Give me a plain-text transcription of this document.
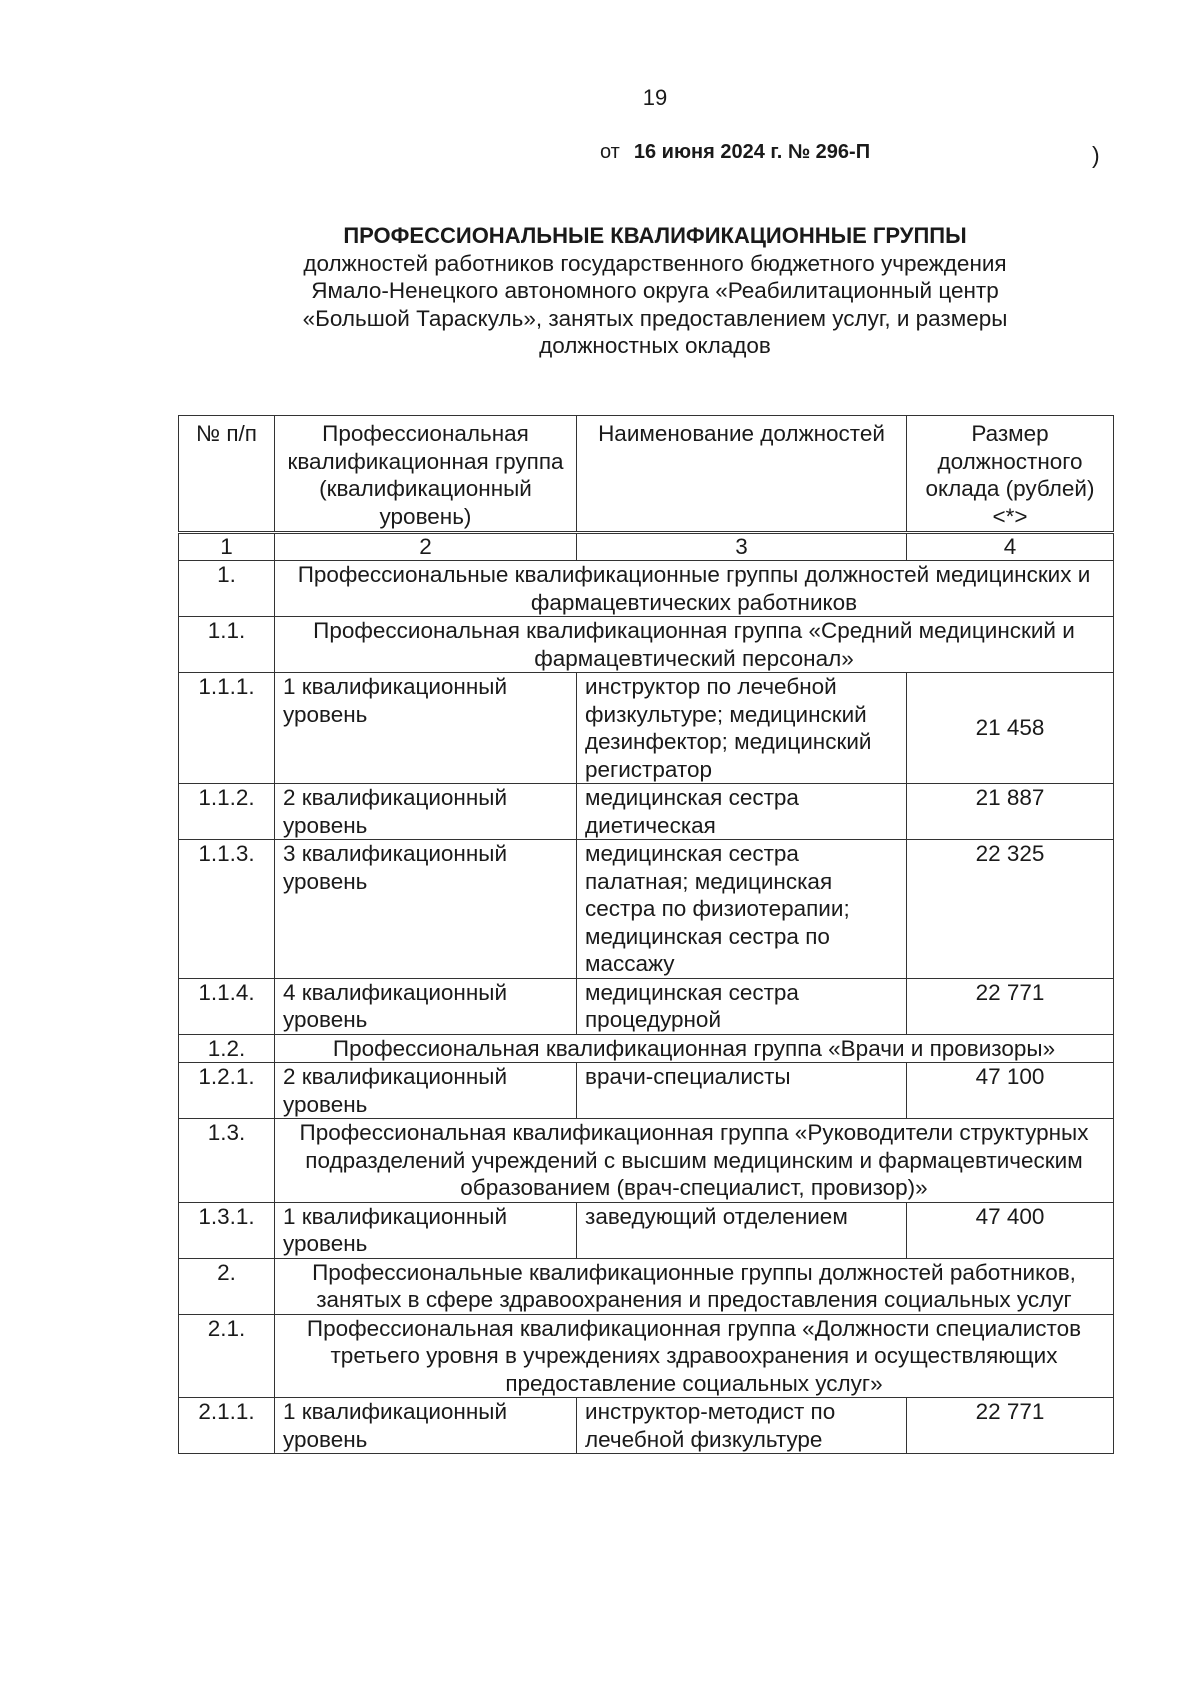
19
от 16 июня 2024 г. № 296-П	)
ПРОФЕССИОНАЛЬНЫЕ КВАЛИФИКАЦИОННЫЕ ГРУППЫ
должностей работников государственного бюджетного учреждения
Ямало-Ненецкого автономного округа «Реабилитационный центр
«Большой Тараскуль», занятых предоставлением услуг, и размеры
должностных окладов
№ п/п	Профессиональная квалификационная группа (квалификационный уровень)	Наименование должностей	Размер должностного оклада (рублей) <*>
1	2	3	4
1.	Профессиональные квалификационные группы должностей медицинских и фармацевтических работников		
1.1.	Профессиональная квалификационная группа «Средний медицинский и фармацевтический персонал»		
1.1.1.	1 квалификационный уровень	инструктор по лечебной физкультуре; медицинский дезинфектор; медицинский регистратор	21 458
1.1.2.	2 квалификационный уровень	медицинская сестра диетическая	21 887
1.1.3.	3 квалификационный уровень	медицинская сестра палатная; медицинская сестра по физиотерапии; медицинская сестра по массажу	22 325
1.1.4.	4 квалификационный уровень	медицинская сестра процедурной	22 771
1.2.	Профессиональная квалификационная группа «Врачи и провизоры»		
1.2.1.	2 квалификационный уровень	врачи-специалисты	47 100
1.3.	Профессиональная квалификационная группа «Руководители структурных подразделений учреждений с высшим медицинским и фармацевтическим образованием (врач-специалист, провизор)»		
1.3.1.	1 квалификационный уровень	заведующий отделением	47 400
2.	Профессиональные квалификационные группы должностей работников, занятых в сфере здравоохранения и предоставления социальных услуг		
2.1.	Профессиональная квалификационная группа «Должности специалистов третьего уровня в учреждениях здравоохранения и осуществляющих предоставление социальных услуг»		
2.1.1.	1 квалификационный уровень	инструктор-методист по лечебной физкультуре	22 771
